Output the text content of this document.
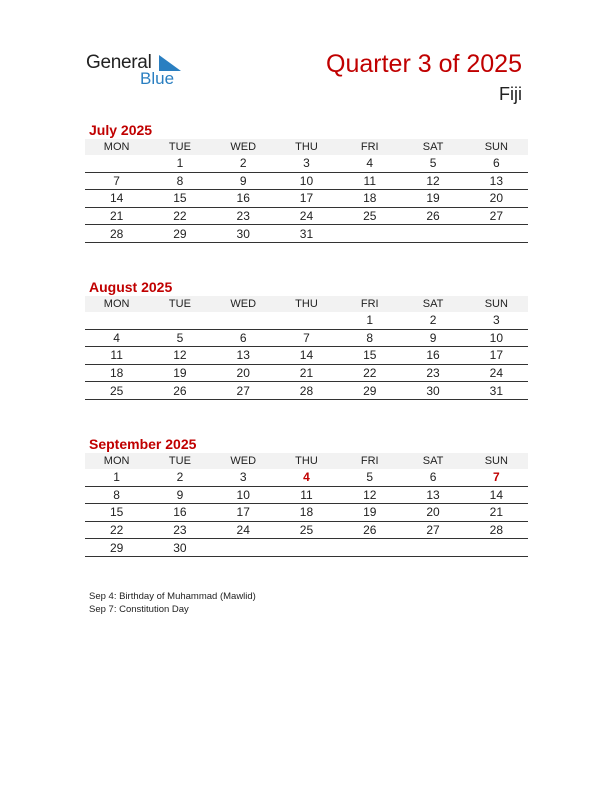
General
Blue
Quarter 3 of 2025
Fiji
July 2025
MON	TUE	WED	THU	FRI	SAT	SUN
	1	2	3	4	5	6
7	8	9	10	11	12	13
14	15	16	17	18	19	20
21	22	23	24	25	26	27
28	29	30	31			
August 2025
MON	TUE	WED	THU	FRI	SAT	SUN
				1	2	3
4	5	6	7	8	9	10
11	12	13	14	15	16	17
18	19	20	21	22	23	24
25	26	27	28	29	30	31
September 2025
MON	TUE	WED	THU	FRI	SAT	SUN
1	2	3	4	5	6	7
8	9	10	11	12	13	14
15	16	17	18	19	20	21
22	23	24	25	26	27	28
29	30					
Sep 4: Birthday of Muhammad (Mawlid)
Sep 7: Constitution Day
